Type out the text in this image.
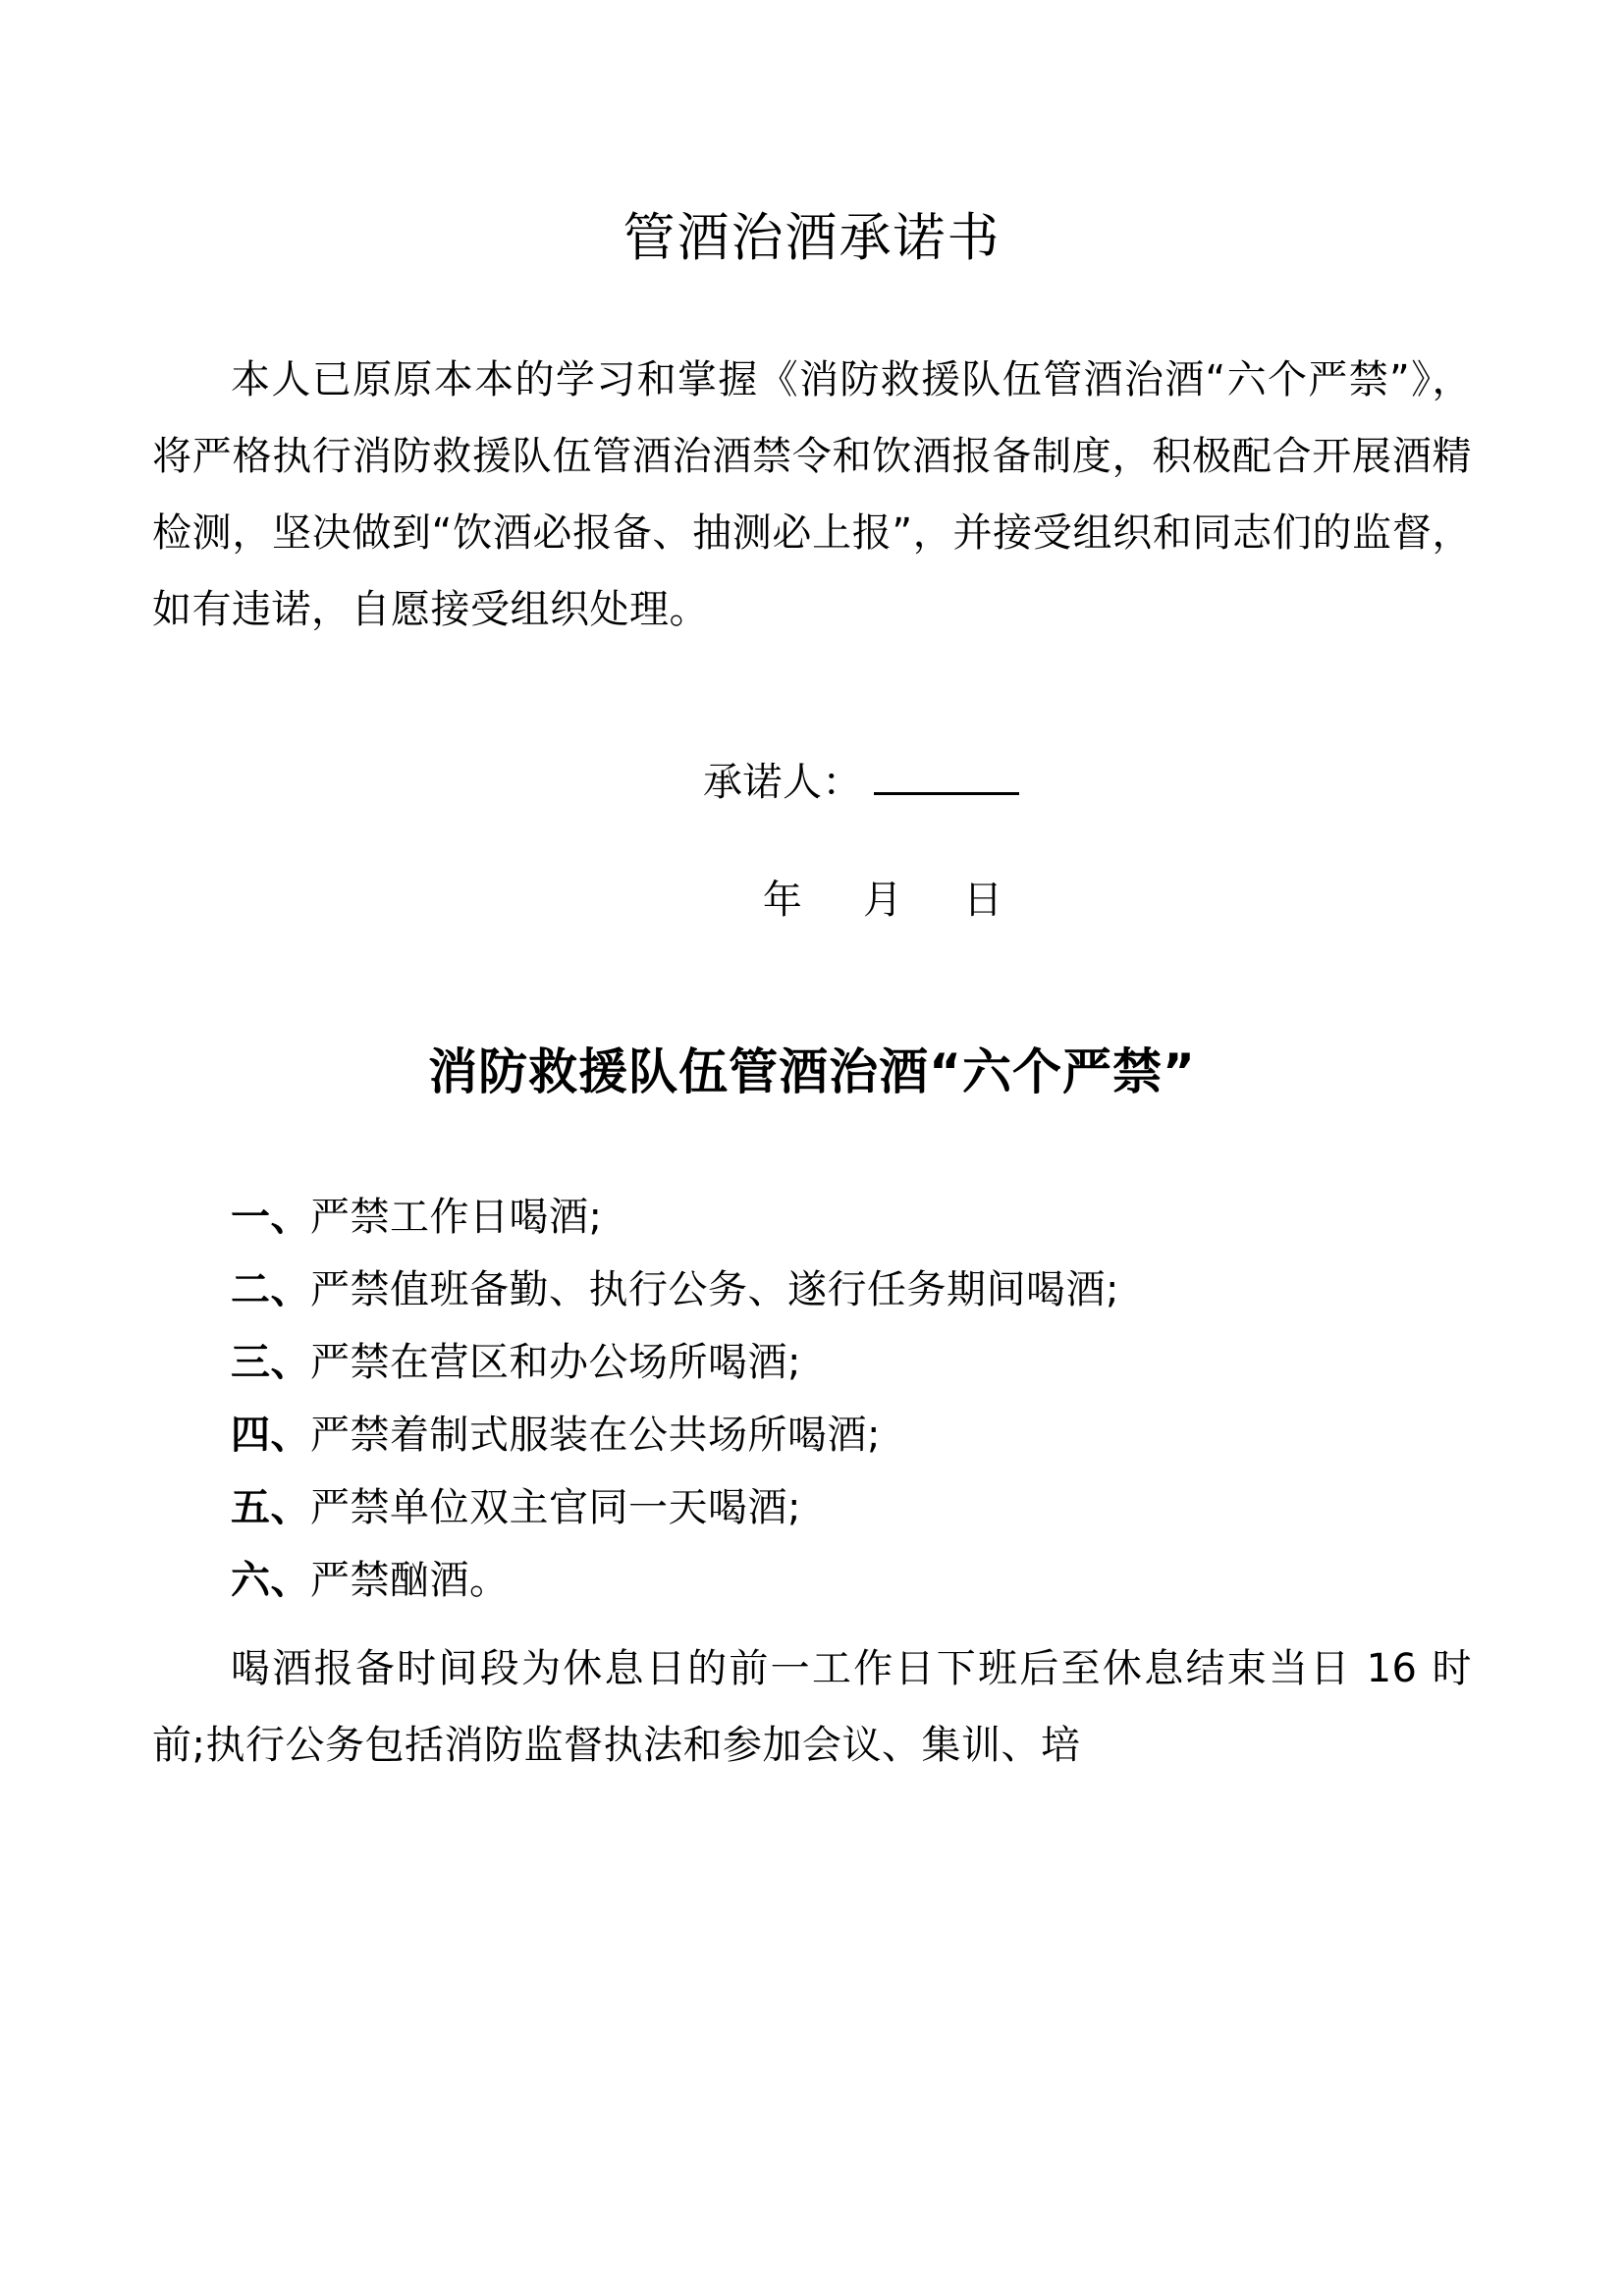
管酒治酒承诺书

本人已原原本本的学习和掌握《消防救援队伍管酒治酒“六个严禁”》，将严格执行消防救援队伍管酒治酒禁令和饮酒报备制度，积极配合开展酒精检测，坚决做到“饮酒必报备、抽测必上报”，并接受组织和同志们的监督，如有违诺，自愿接受组织处理。

承诺人：
年   月   日
消防救援队伍管酒治酒“六个严禁”
一、严禁工作日喝酒;
二、严禁值班备勤、执行公务、遂行任务期间喝酒;
三、严禁在营区和办公场所喝酒;
四、严禁着制式服装在公共场所喝酒;
五、严禁单位双主官同一天喝酒;
六、严禁酗酒。

喝酒报备时间段为休息日的前一工作日下班后至休息结束当日 16 时前;执行公务包括消防监督执法和参加会议、集训、培
